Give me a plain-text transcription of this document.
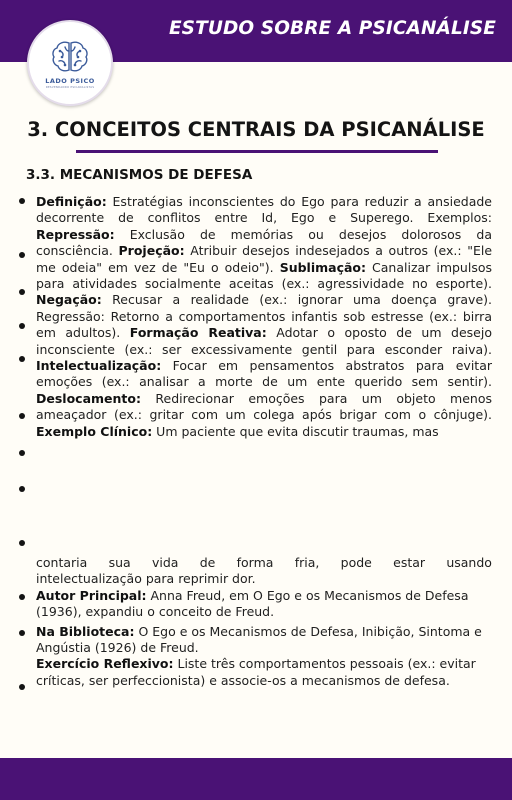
ESTUDO SOBRE A PSICANÁLISE
LADO PSICO
DESVENDANDO PSICANALISTAS
3. CONCEITOS CENTRAIS DA PSICANÁLISE
3.3. MECANISMOS DE DEFESA
Definição: Estratégias inconscientes do Ego para reduzir a ansiedade decorrente de conflitos entre Id, Ego e Superego. Exemplos: Repressão: Exclusão de memórias ou desejos dolorosos da consciência. Projeção: Atribuir desejos indesejados a outros (ex.: "Ele me odeia" em vez de "Eu o odeio"). Sublimação: Canalizar impulsos para atividades socialmente aceitas (ex.: agressividade no esporte). Negação: Recusar a realidade (ex.: ignorar uma doença grave). Regressão: Retorno a comportamentos infantis sob estresse (ex.: birra em adultos). Formação Reativa: Adotar o oposto de um desejo inconsciente (ex.: ser excessivamente gentil para esconder raiva). Intelectualização: Focar em pensamentos abstratos para evitar emoções (ex.: analisar a morte de um ente querido sem sentir). Deslocamento: Redirecionar emoções para um objeto menos ameaçador (ex.: gritar com um colega após brigar com o cônjuge). Exemplo Clínico: Um paciente que evita discutir traumas, mas
contaria sua vida de forma fria, pode estar usando
intelectualização para reprimir dor.
Autor Principal: Anna Freud, em O Ego e os Mecanismos de Defesa (1936), expandiu o conceito de Freud.
Na Biblioteca: O Ego e os Mecanismos de Defesa, Inibição, Sintoma e Angústia (1926) de Freud.
Exercício Reflexivo: Liste três comportamentos pessoais (ex.: evitar críticas, ser perfeccionista) e associe-os a mecanismos de defesa.
